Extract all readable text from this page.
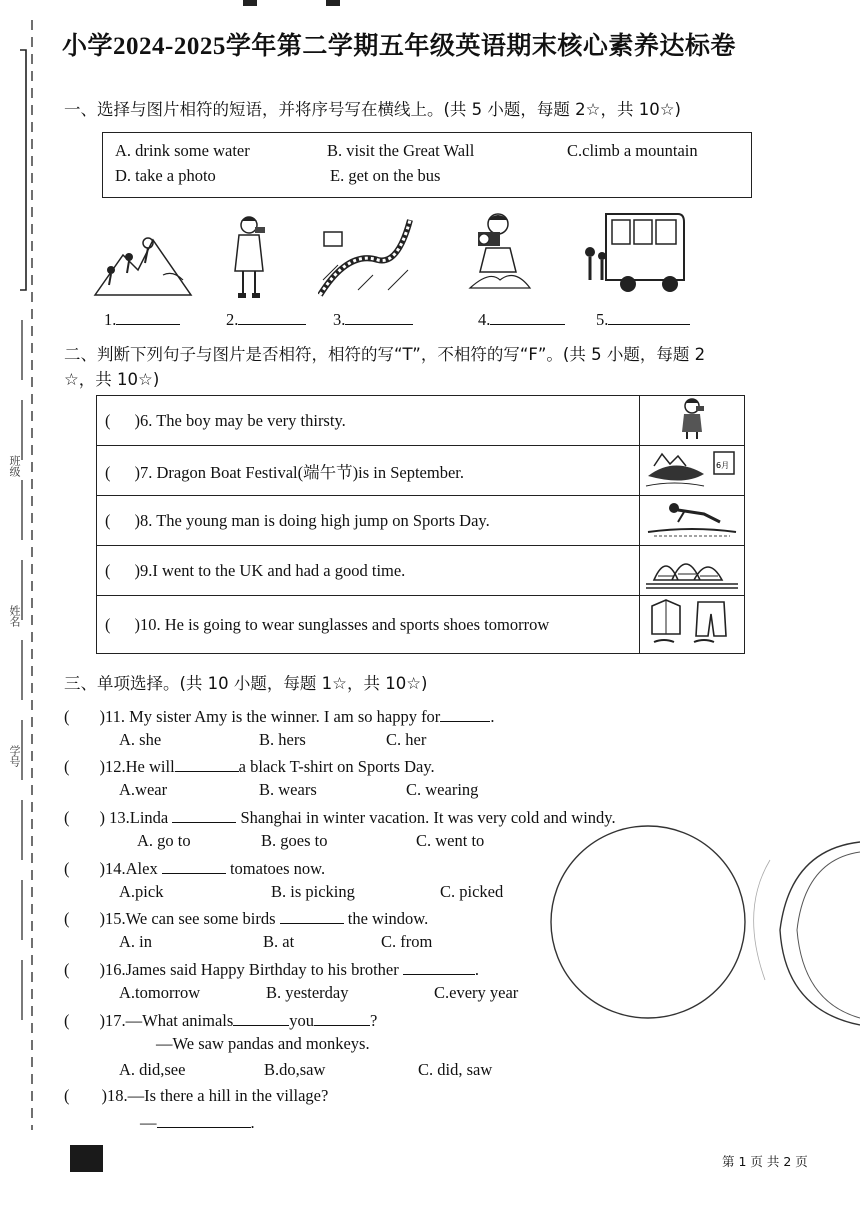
班级
姓名
学号
小学2024-2025学年第二学期五年级英语期末核心素养达标卷
一、选择与图片相符的短语，并将序号写在横线上。(共 5 小题，每题 2☆，共 10☆)
A. drink some water	B. visit the Great Wall	C.climb a mountain
D. take a photo	E. get on the bus
1.	2.	3.	4.	5.
二、判断下列句子与图片是否相符，相符的写“T”，不相符的写“F”。(共 5 小题，每题 2
☆，共 10☆)
( )6. The boy may be very thirsty.	
( )7. Dragon Boat Festival(端午节)is in September.	6月

( )8. The young man is doing high jump on Sports Day.	
( )9.I went to the UK and had a good time.	
( )10. He is going to wear sunglasses and sports shoes tomorrow	
三、单项选择。(共 10 小题，每题 1☆，共 10☆)
( )11. My sister Amy is the winner. I am so happy for	.
A. she	B. hers	C. her
( )12.He will	a black T-shirt on Sports Day.
A.wear	B. wears	C. wearing
( ) 13.Linda	Shanghai in winter vacation. It was very cold and windy.
A. go to	B. goes to	C. went to
( )14.Alex	tomatoes now.
A.pick	B. is picking	C. picked
( )15.We can see some birds	the window.
A. in	B. at	C. from
( )16.James said Happy Birthday to his brother	.
A.tomorrow	B. yesterday	C.every year
( )17.—What animals	you	?
—We saw pandas and monkeys.
A. did,see	B.do,saw	C. did, saw
( )18.—Is there a hill in the village?
—	.
第 1 页 共 2 页
